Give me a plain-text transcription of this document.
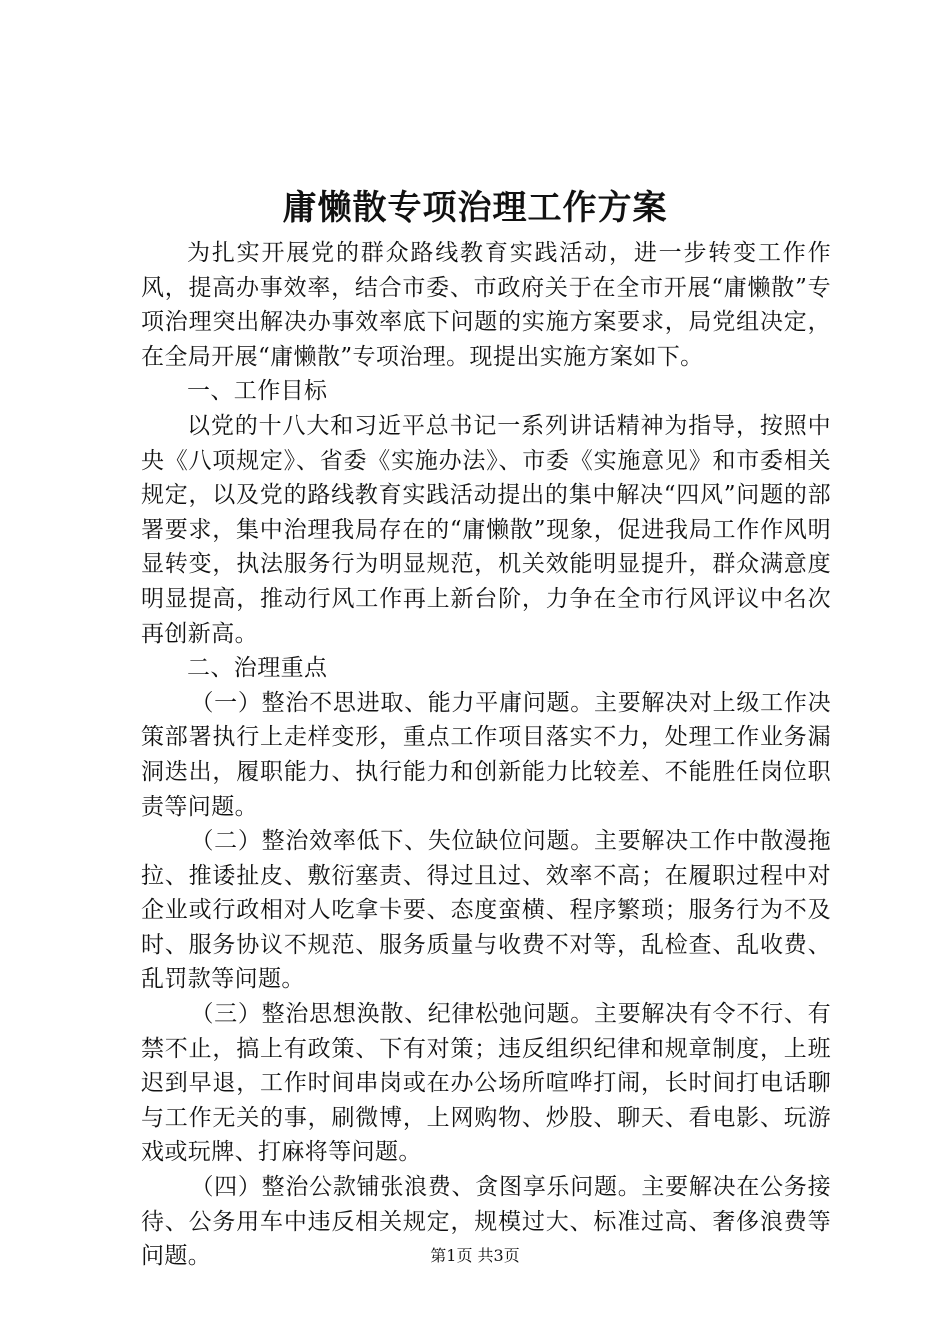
庸懒散专项治理工作方案

为扎实开展党的群众路线教育实践活动，进一步转变工作作风，提高办事效率，结合市委、市政府关于在全市开展“庸懒散”专项治理突出解决办事效率底下问题的实施方案要求，局党组决定，在全局开展“庸懒散”专项治理。现提出实施方案如下。

一、工作目标

以党的十八大和习近平总书记一系列讲话精神为指导，按照中央《八项规定》、省委《实施办法》、市委《实施意见》和市委相关规定，以及党的路线教育实践活动提出的集中解决“四风”问题的部署要求，集中治理我局存在的“庸懒散”现象，促进我局工作作风明显转变，执法服务行为明显规范，机关效能明显提升，群众满意度明显提高，推动行风工作再上新台阶，力争在全市行风评议中名次再创新高。

二、治理重点

（一）整治不思进取、能力平庸问题。主要解决对上级工作决策部署执行上走样变形，重点工作项目落实不力，处理工作业务漏洞迭出，履职能力、执行能力和创新能力比较差、不能胜任岗位职责等问题。

（二）整治效率低下、失位缺位问题。主要解决工作中散漫拖拉、推诿扯皮、敷衍塞责、得过且过、效率不高；在履职过程中对企业或行政相对人吃拿卡要、态度蛮横、程序繁琐；服务行为不及时、服务协议不规范、服务质量与收费不对等，乱检查、乱收费、乱罚款等问题。

（三）整治思想涣散、纪律松弛问题。主要解决有令不行、有禁不止，搞上有政策、下有对策；违反组织纪律和规章制度，上班迟到早退，工作时间串岗或在办公场所喧哗打闹，长时间打电话聊与工作无关的事，刷微博，上网购物、炒股、聊天、看电影、玩游戏或玩牌、打麻将等问题。

（四）整治公款铺张浪费、贪图享乐问题。主要解决在公务接待、公务用车中违反相关规定，规模过大、标准过高、奢侈浪费等问题。	第1页 共3页
